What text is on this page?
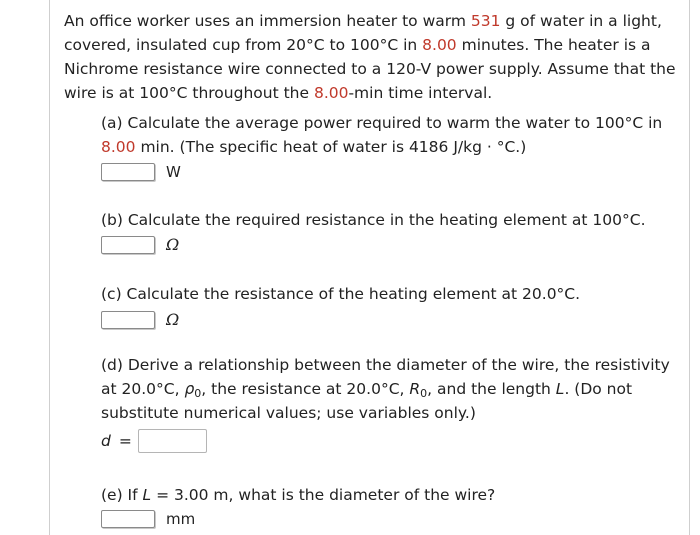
An office worker uses an immersion heater to warm 531 g of water in a light, covered, insulated cup from 20°C to 100°C in 8.00 minutes. The heater is a Nichrome resistance wire connected to a 120-V power supply. Assume that the wire is at 100°C throughout the 8.00-min time interval.
(a) Calculate the average power required to warm the water to 100°C in 8.00 min. (The specific heat of water is 4186 J/kg · °C.)
W
(b) Calculate the required resistance in the heating element at 100°C.
Ω
(c) Calculate the resistance of the heating element at 20.0°C.
Ω
(d) Derive a relationship between the diameter of the wire, the resistivity at 20.0°C, $\rho_0$, the resistance at 20.0°C, $R_0$, and the length L. (Do not substitute numerical values; use variables only.)
d =
(e) If L = 3.00 m, what is the diameter of the wire?
mm
